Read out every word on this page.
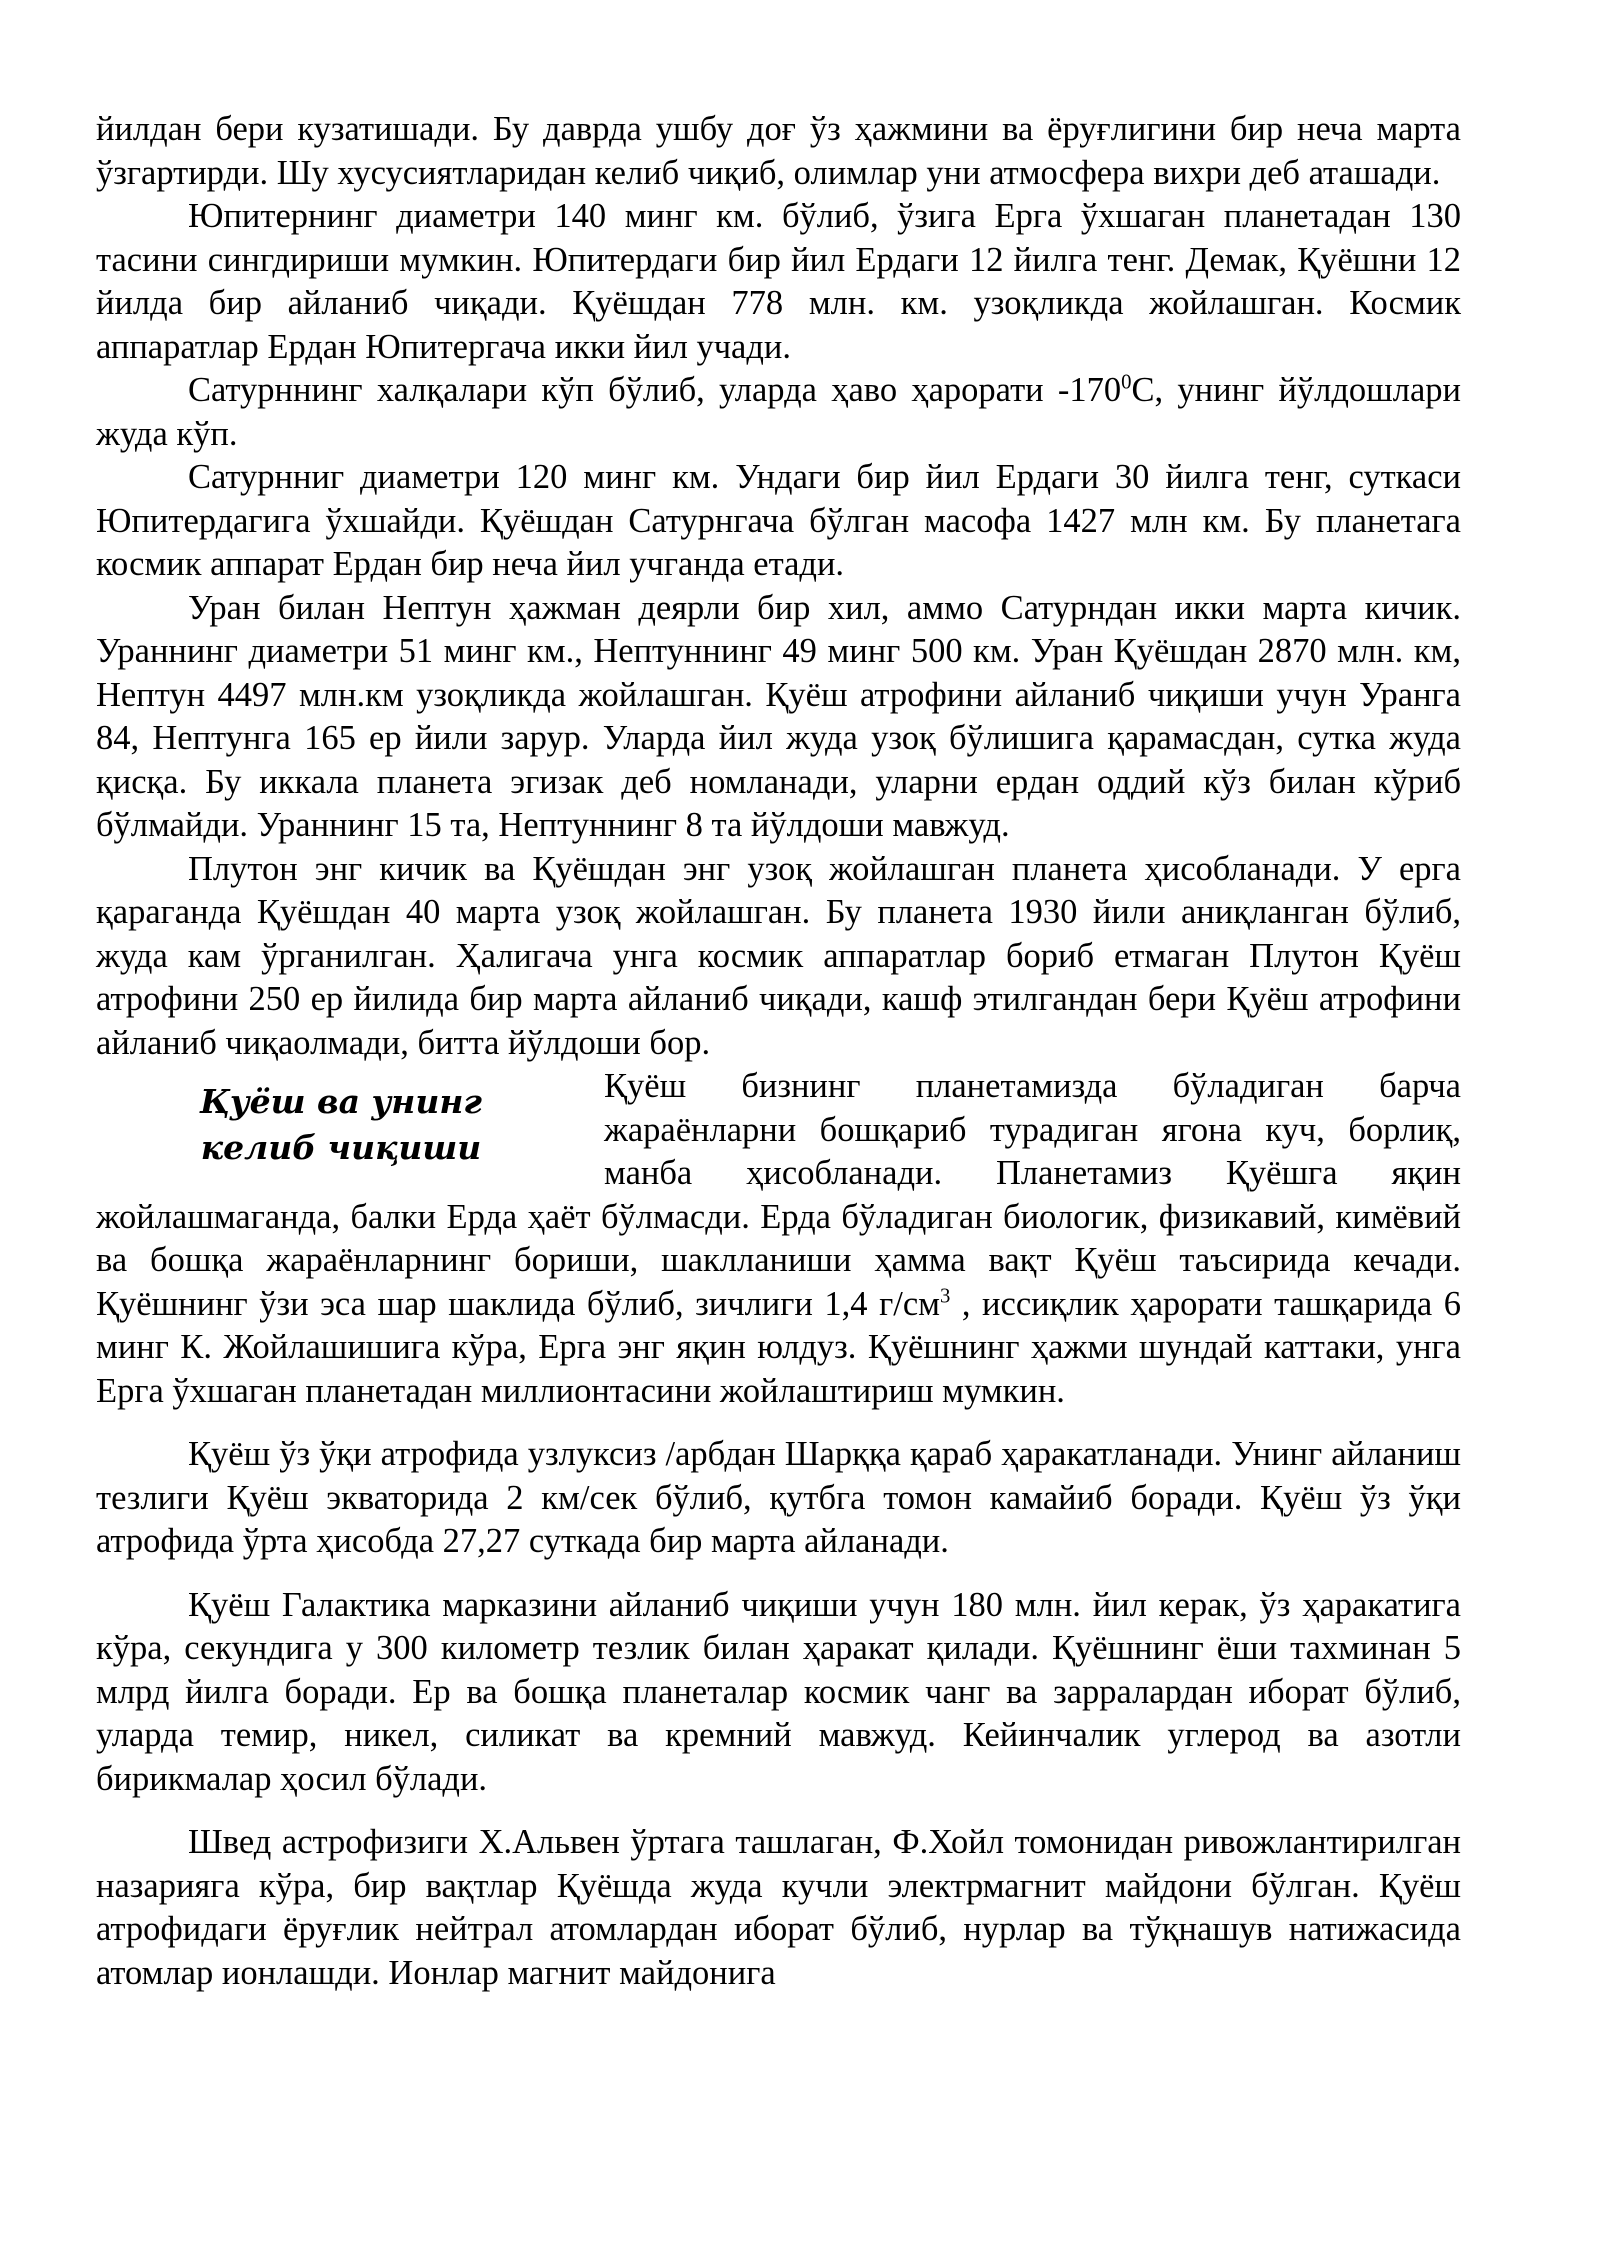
йилдан бери кузатишади. Бу даврда ушбу доғ ўз ҳажмини ва ёруғлигини бир неча марта ўзгартирди. Шу хусусиятларидан келиб чиқиб, олимлар уни атмосфера вихри деб аташади.

Юпитернинг диаметри 140 минг км. бўлиб, ўзига Ерга ўхшаган планетадан 130 тасини сингдириши мумкин. Юпитердаги бир йил Ердаги 12 йилга тенг. Демак, Қуёшни 12 йилда бир айланиб чиқади. Қуёшдан 778 млн. км. узоқликда жойлашган. Космик аппаратлар Ердан Юпитергача икки йил учади.

Сатурннинг халқалари кўп бўлиб, уларда ҳаво ҳарорати $-170^0С$, унинг йўлдошлари жуда кўп.

Сатурнниг диаметри 120 минг км. Ундаги бир йил Ердаги 30 йилга тенг, суткаси Юпитердагига ўхшайди. Қуёшдан Сатурнгача бўлган масофа 1427 млн км. Бу планетага космик аппарат Ердан бир неча йил учганда етади.

Уран билан Нептун ҳажман деярли бир хил, аммо Сатурндан икки марта кичик. Ураннинг диаметри 51 минг км., Нептуннинг 49 минг 500 км. Уран Қуёшдан 2870 млн. км, Нептун 4497 млн.км узоқликда жойлашган. Қуёш атрофини айланиб чиқиши учун Уранга 84, Нептунга 165 ер йили зарур. Уларда йил жуда узоқ бўлишига қарамасдан, сутка жуда қисқа. Бу иккала планета эгизак деб номланади, уларни ердан оддий кўз билан кўриб бўлмайди. Ураннинг 15 та, Нептуннинг 8 та йўлдоши мавжуд.

Плутон энг кичик ва Қуёшдан энг узоқ жойлашган планета ҳисобланади. У ерга қараганда Қуёшдан 40 марта узоқ жойлашган. Бу планета 1930 йили аниқланган бўлиб, жуда кам ўрганилган. Ҳалигача унга космик аппаратлар бориб етмаган Плутон Қуёш атрофини 250 ер йилида бир марта айланиб чиқади, кашф этилгандан бери Қуёш атрофини айланиб чиқаолмади, битта йўлдоши бор.

Қуёш ва унинг
келиб чиқиши

Қуёш бизнинг планетамизда бўладиган барча жараёнларни бошқариб турадиган ягона куч, борлиқ, манба ҳисобланади. Планетамиз Қуёшга яқин жойлашмаганда, балки Ерда ҳаёт бўлмасди. Ерда бўладиган биологик, физикавий, кимёвий ва бошқа жараёнларнинг бориши, шаклланиши ҳамма вақт Қуёш таъсирида кечади. Қуёшнинг ўзи эса шар шаклида бўлиб, зичлиги 1,4 $г/см^3$ , иссиқлик ҳарорати ташқарида 6 минг К. Жойлашишига кўра, Ерга энг яқин юлдуз. Қуёшнинг ҳажми шундай каттаки, унга Ерга ўхшаган планетадан миллионтасини жойлаштириш мумкин.

Қуёш ўз ўқи атрофида узлуксиз /арбдан Шарққа қараб ҳаракатланади. Унинг айланиш тезлиги Қуёш экваторида 2 км/сек бўлиб, қутбга томон камайиб боради. Қуёш ўз ўқи атрофида ўрта ҳисобда 27,27 суткада бир марта айланади.

Қуёш Галактика марказини айланиб чиқиши учун 180 млн. йил керак, ўз ҳаракатига кўра, секундига у 300 километр тезлик билан ҳаракат қилади. Қуёшнинг ёши тахминан 5 млрд йилга боради. Ер ва бошқа планеталар космик чанг ва зарралардан иборат бўлиб, уларда темир, никел, силикат ва кремний мавжуд. Кейинчалик углерод ва азотли бирикмалар ҳосил бўлади.

Швед астрофизиги Х.Альвен ўртага ташлаган, Ф.Хойл томонидан ривожлантирилган назарияга кўра, бир вақтлар Қуёшда жуда кучли электрмагнит майдони бўлган. Қуёш атрофидаги ёруғлик нейтрал атомлардан иборат бўлиб, нурлар ва тўқнашув натижасида атомлар ионлашди. Ионлар магнит майдонига
